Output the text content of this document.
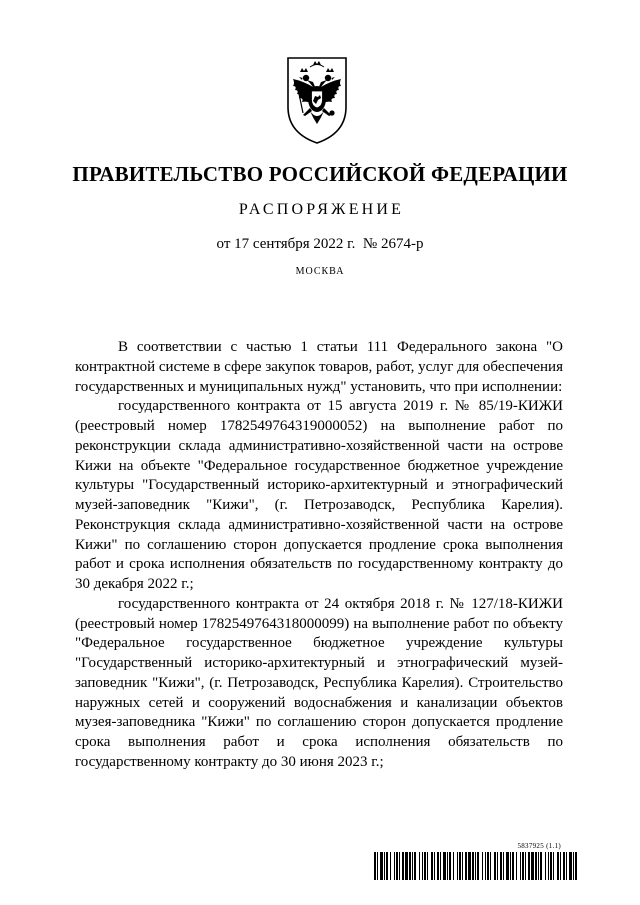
ПРАВИТЕЛЬСТВО РОССИЙСКОЙ ФЕДЕРАЦИИ
РАСПОРЯЖЕНИЕ
от 17 сентября 2022 г.  № 2674-р
МОСКВА

В соответствии с частью 1 статьи 111 Федерального закона "О контрактной системе в сфере закупок товаров, работ, услуг для обеспечения государственных и муниципальных нужд" установить, что при исполнении:

государственного контракта от 15 августа 2019 г. № 85/19-КИЖИ (реестровый номер 1782549764319000052) на выполнение работ по реконструкции склада административно-хозяйственной части на острове Кижи на объекте "Федеральное государственное бюджетное учреждение культуры "Государственный историко-архитектурный и этнографический музей-заповедник "Кижи", (г. Петрозаводск, Республика Карелия). Реконструкция склада административно-хозяйственной части на острове Кижи" по соглашению сторон допускается продление срока выполнения работ и срока исполнения обязательств по государственному контракту до 30 декабря 2022 г.;

государственного контракта от 24 октября 2018 г. № 127/18-КИЖИ (реестровый номер 1782549764318000099) на выполнение работ по объекту "Федеральное государственное бюджетное учреждение культуры "Государственный историко-архитектурный и этнографический музей-заповедник "Кижи", (г. Петрозаводск, Республика Карелия). Строительство наружных сетей и сооружений водоснабжения и канализации объектов музея-заповедника "Кижи" по соглашению сторон допускается продление срока выполнения работ и срока исполнения обязательств по государственному контракту до 30 июня 2023 г.;

5837925 (1.1)
